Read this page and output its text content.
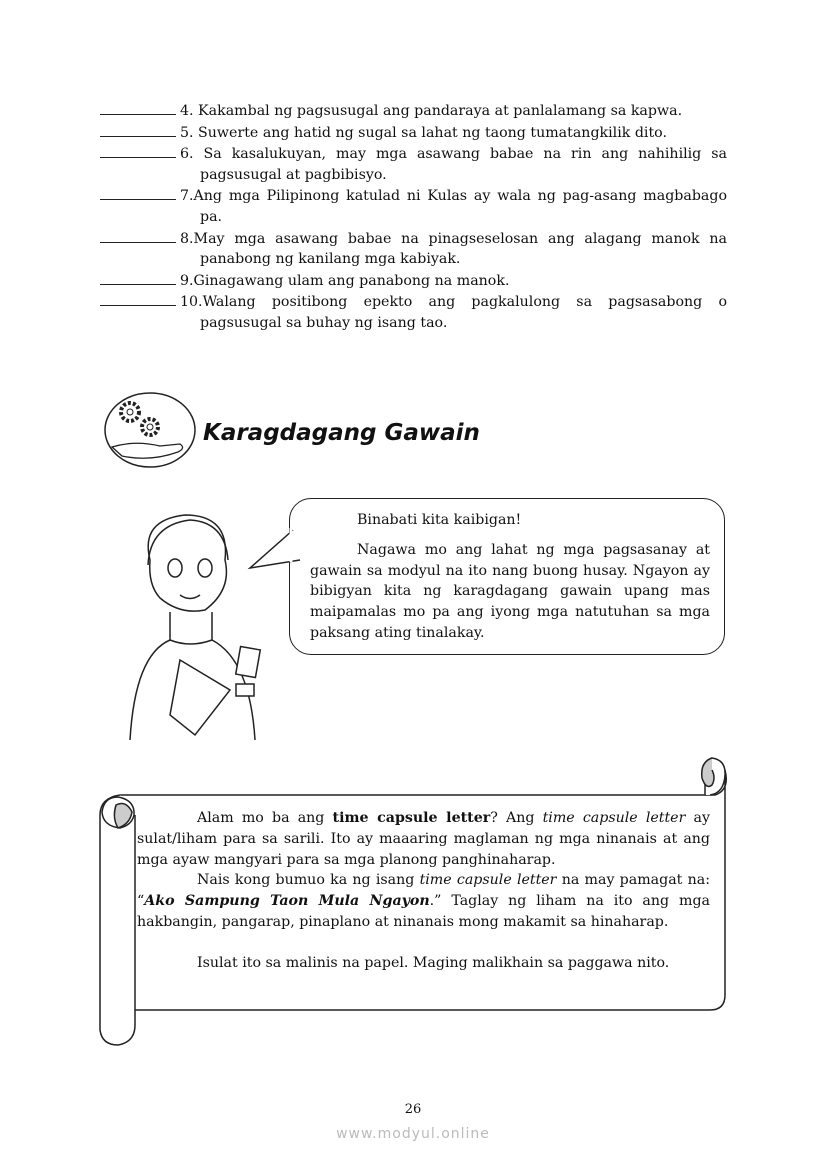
4. Kakambal ng pagsusugal ang pandaraya at panlalamang sa kapwa.
5. Suwerte ang hatid ng sugal sa lahat ng taong tumatangkilik dito.
6. Sa kasalukuyan, may mga asawang babae na rin ang nahihilig sa pagsusugal at pagbibisyo.
7.Ang mga Pilipinong katulad ni Kulas ay wala ng pag-asang magbabago pa.
8.May mga asawang babae na pinagseselosan ang alagang manok na panabong ng kanilang mga kabiyak.
9.Ginagawang ulam ang panabong na manok.
10.Walang positibong epekto ang pagkalulong sa pagsasabong o pagsusugal sa buhay ng isang tao.
Karagdagang Gawain

Binabati kita kaibigan!

Nagawa mo ang lahat ng mga pagsasanay at gawain sa modyul na ito nang buong husay. Ngayon ay bibigyan kita ng karagdagang gawain upang mas maipamalas mo pa ang iyong mga natutuhan sa mga paksang ating tinalakay.

Alam mo ba ang time capsule letter? Ang time capsule letter ay sulat/liham para sa sarili. Ito ay maaaring maglaman ng mga ninanais at ang mga ayaw mangyari para sa mga planong panghinaharap.

Nais kong bumuo ka ng isang time capsule letter na may pamagat na: “Ako Sampung Taon Mula Ngayon.” Taglay ng liham na ito ang mga hakbangin, pangarap, pinaplano at ninanais mong makamit sa hinaharap.

Isulat ito sa malinis na papel. Maging malikhain sa paggawa nito.

26
www.modyul.online
